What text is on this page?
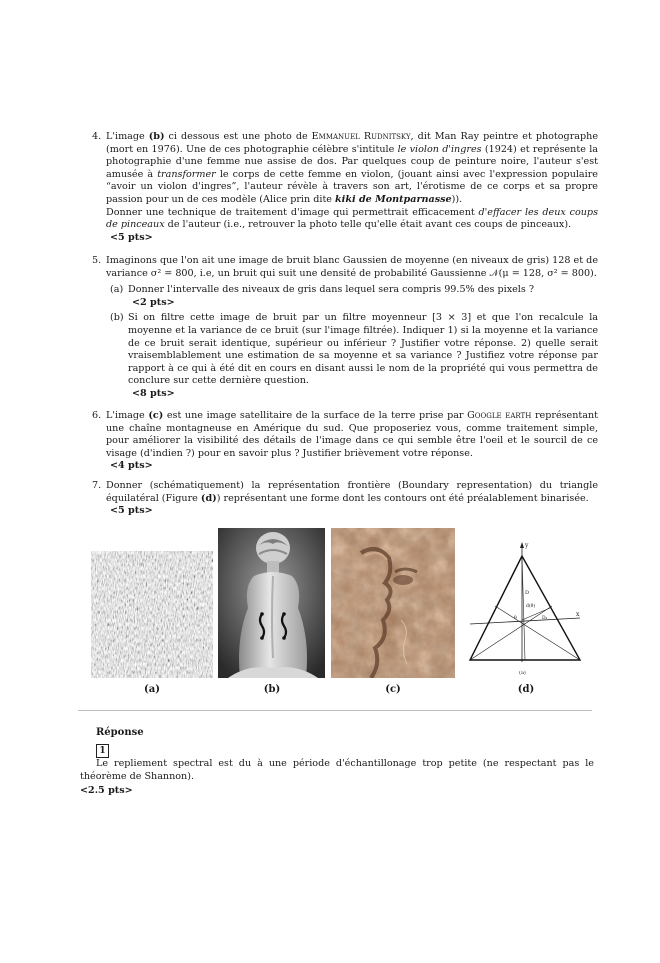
4. L'image (b) ci dessous est une photo de Emmanuel Rudnitsky, dit Man Ray peintre et photographe (mort en 1976). Une de ces photographie célèbre s'intitule le violon d'ingres (1924) et représente la photographie d'une femme nue assise de dos. Par quelques coup de peinture noire, l'auteur s'est amusée à transformer le corps de cette femme en violon, (jouant ainsi avec l'expression populaire “avoir un violon d'ingres”, l'auteur révèle à travers son art, l'érotisme de ce corps et sa propre passion pour un de ces modèle (Alice prin dite kiki de Montparnasse)).

Donner une technique de traitement d'image qui permettrait efficacement d'effacer les deux coups de pinceaux de l'auteur (i.e., retrouver la photo telle qu'elle était avant ces coups de pinceaux).

<5 pts>

5. Imaginons que l'on ait une image de bruit blanc Gaussien de moyenne (en niveaux de gris) 128 et de variance σ² = 800, i.e, un bruit qui suit une densité de probabilité Gaussienne 𝒩(μ = 128, σ² = 800).

(a) Donner l'intervalle des niveaux de gris dans lequel sera compris 99.5% des pixels ?

<2 pts>

(b) Si on filtre cette image de bruit par un filtre moyenneur [3 × 3] et que l'on recalcule la moyenne et la variance de ce bruit (sur l'image filtrée). Indiquer 1) si la moyenne et la variance de ce bruit serait identique, supérieur ou inférieur ? Justifier votre réponse. 2) quelle serait vraisemblablement une estimation de sa moyenne et sa variance ? Justifiez votre réponse par rapport à ce qui à été dit en cours en disant aussi le nom de la propriété qui vous permettra de conclure sur cette dernière question.

<8 pts>

6. L'image (c) est une image satellitaire de la surface de la terre prise par Google earth représentant une chaîne montagneuse en Amérique du sud. Que proposeriez vous, comme traitement simple, pour améliorer la visibilité des détails de l'image dans ce qui semble être l'oeil et le sourcil de ce visage (d'indien ?) pour en savoir plus ? Justifier brièvement votre réponse.

<4 pts>

7. Donner (schématiquement) la représentation frontière (Boundary representation) du triangle équilatéral (Figure (d)) représentant une forme dont les contours ont été préalablement binarisée.

<5 pts>

y
x
D
d(θ)
Dₖ
θ
(a)
(a)	(b)	(c)	(d)
Réponse
1
Le repliement spectral est du à une période d'échantillonage trop petite (ne respectant pas le théorème de Shannon).
<2.5 pts>
